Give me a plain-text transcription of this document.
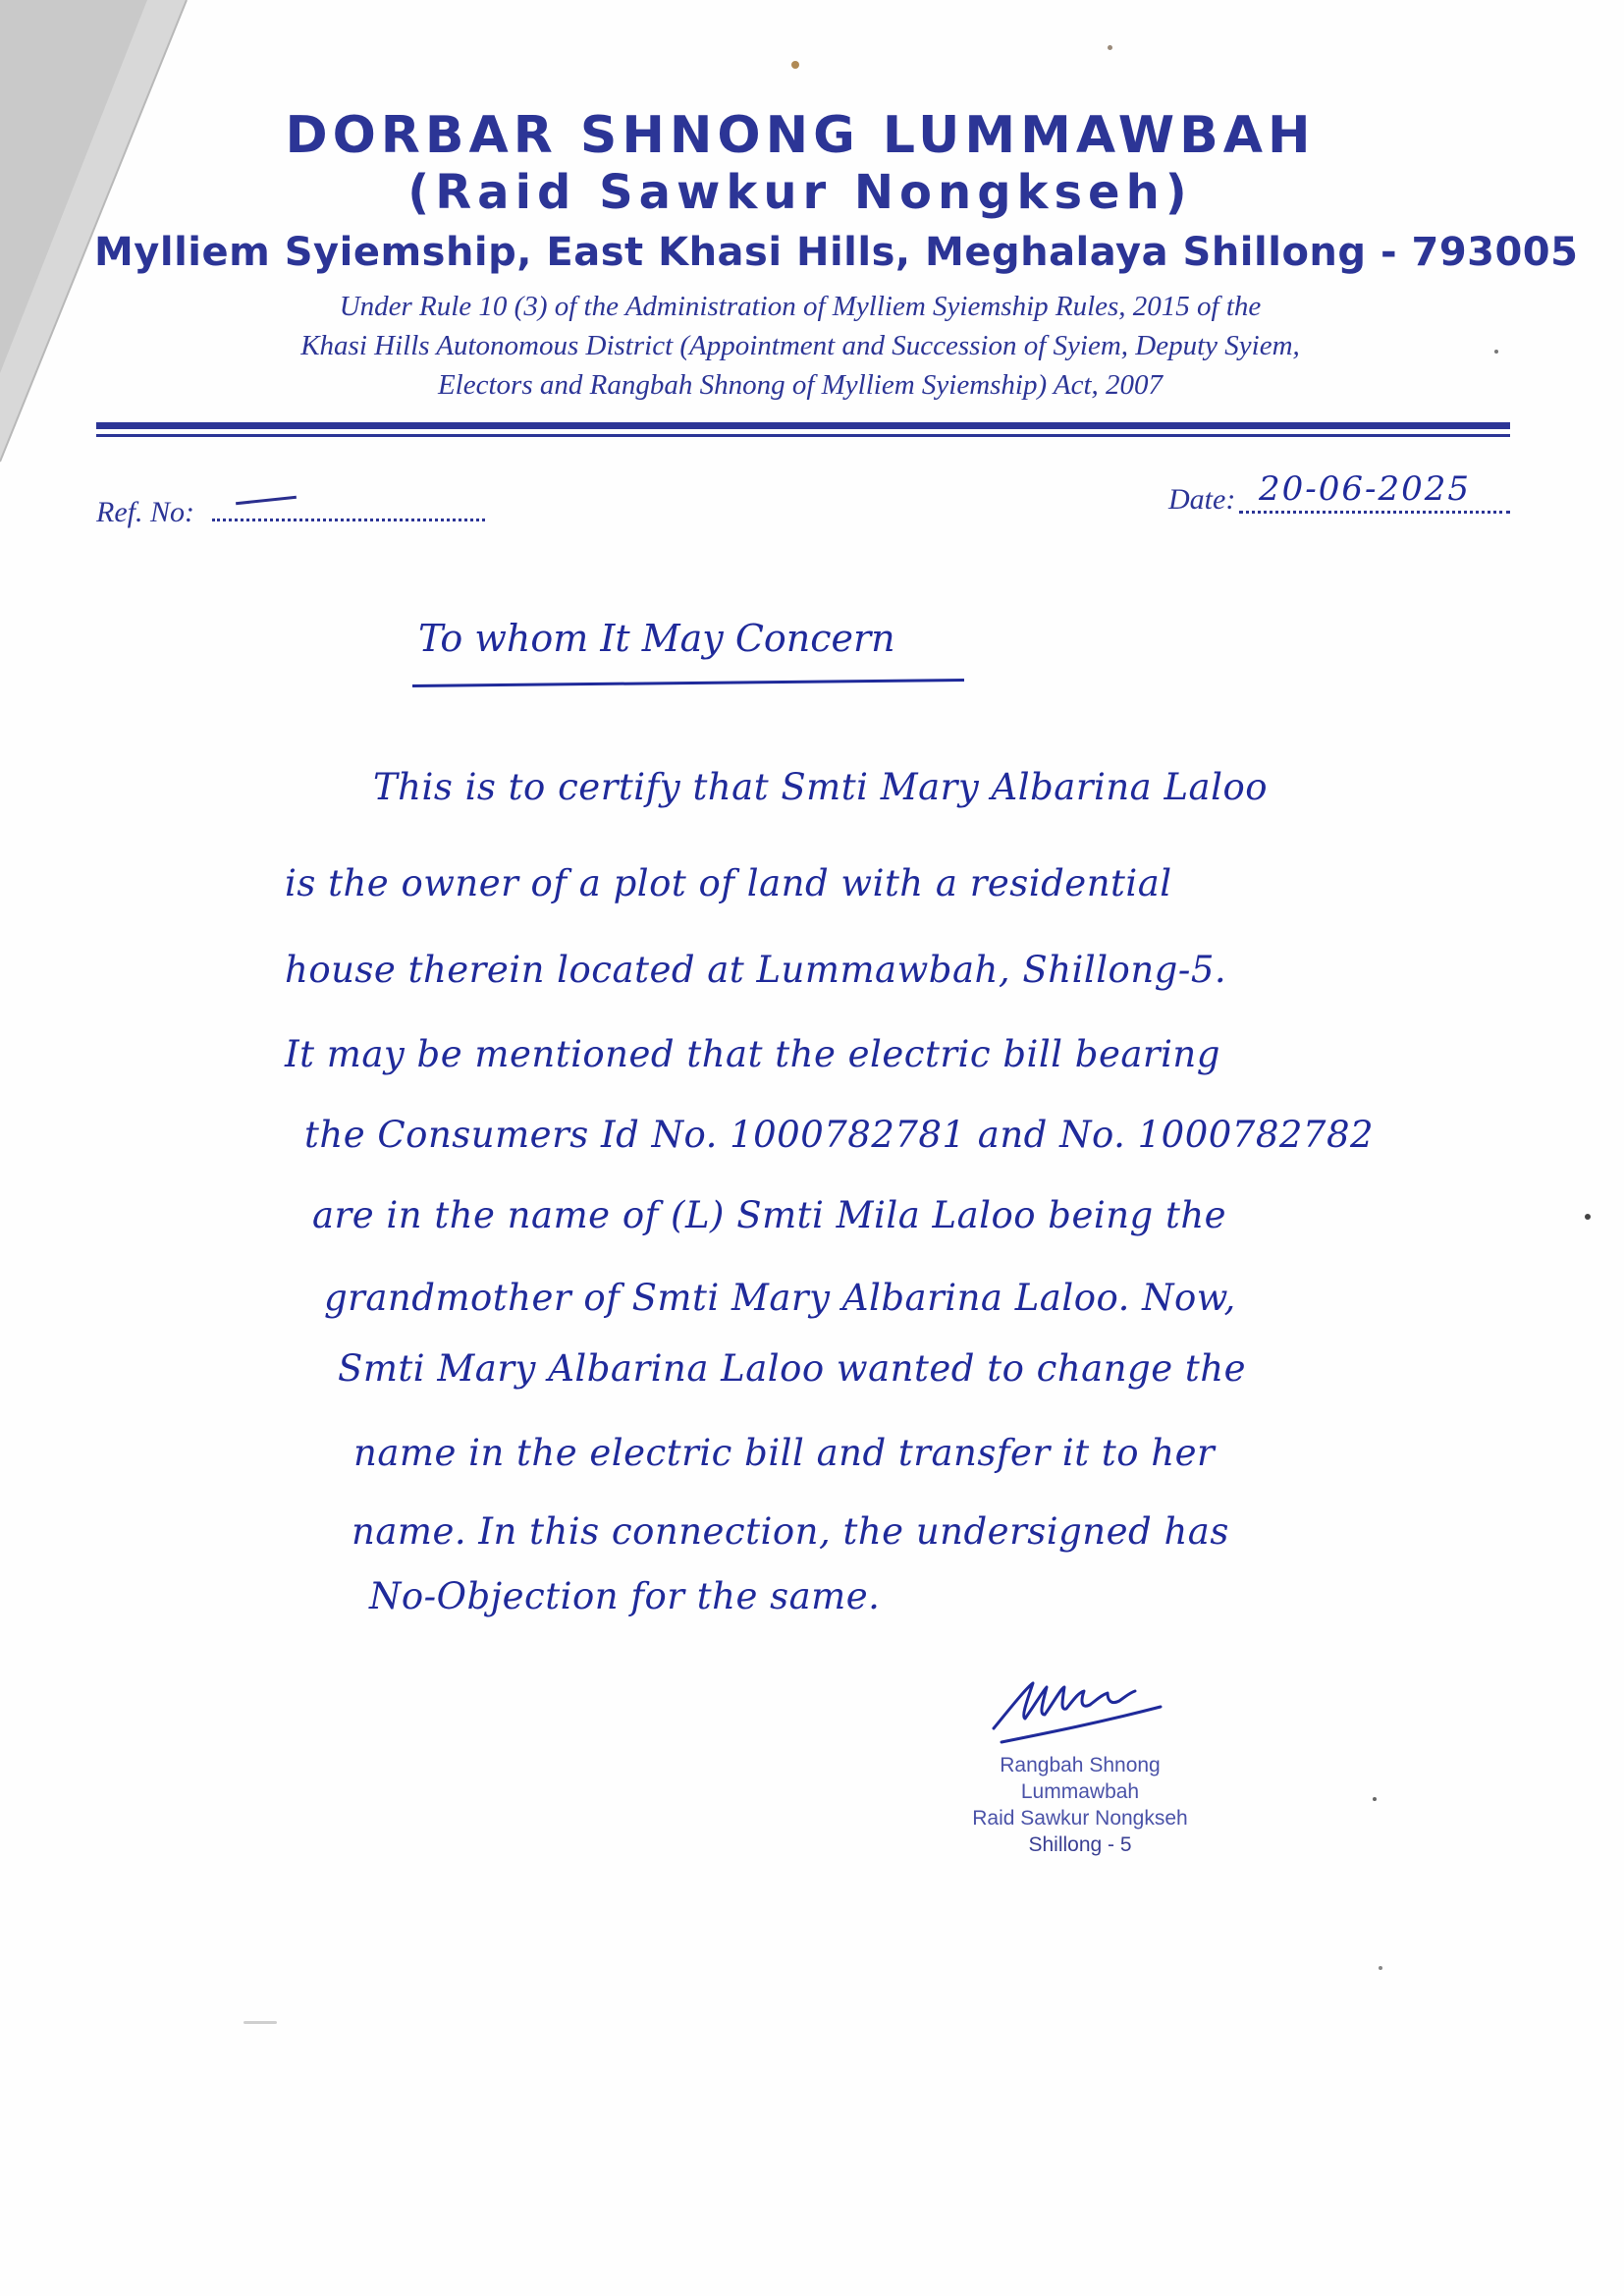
DORBAR SHNONG LUMMAWBAH

(Raid Sawkur Nongkseh)

Mylliem Syiemship, East Khasi Hills, Meghalaya Shillong - 793005

Under Rule 10 (3) of the Administration of Mylliem Syiemship Rules, 2015 of the

Khasi Hills Autonomous District (Appointment and Succession of Syiem, Deputy Syiem,

Electors and Rangbah Shnong of Mylliem Syiemship) Act, 2007

Ref. No:	Date: 20-06-2025
To whom It May Concern
This is to certify that Smti Mary Albarina Laloo
is the owner of a plot of land with a residential
house therein located at Lummawbah, Shillong-5.
It may be mentioned that the electric bill bearing
the Consumers Id No. 1000782781 and No. 1000782782
are in the name of (L) Smti Mila Laloo being the
grandmother of Smti Mary Albarina Laloo. Now,
Smti Mary Albarina Laloo wanted to change the
name in the electric bill and transfer it to her
name. In this connection, the undersigned has
No-Objection for the same.
Rangbah Shnong
Lummawbah
Raid Sawkur Nongkseh
Shillong - 5
